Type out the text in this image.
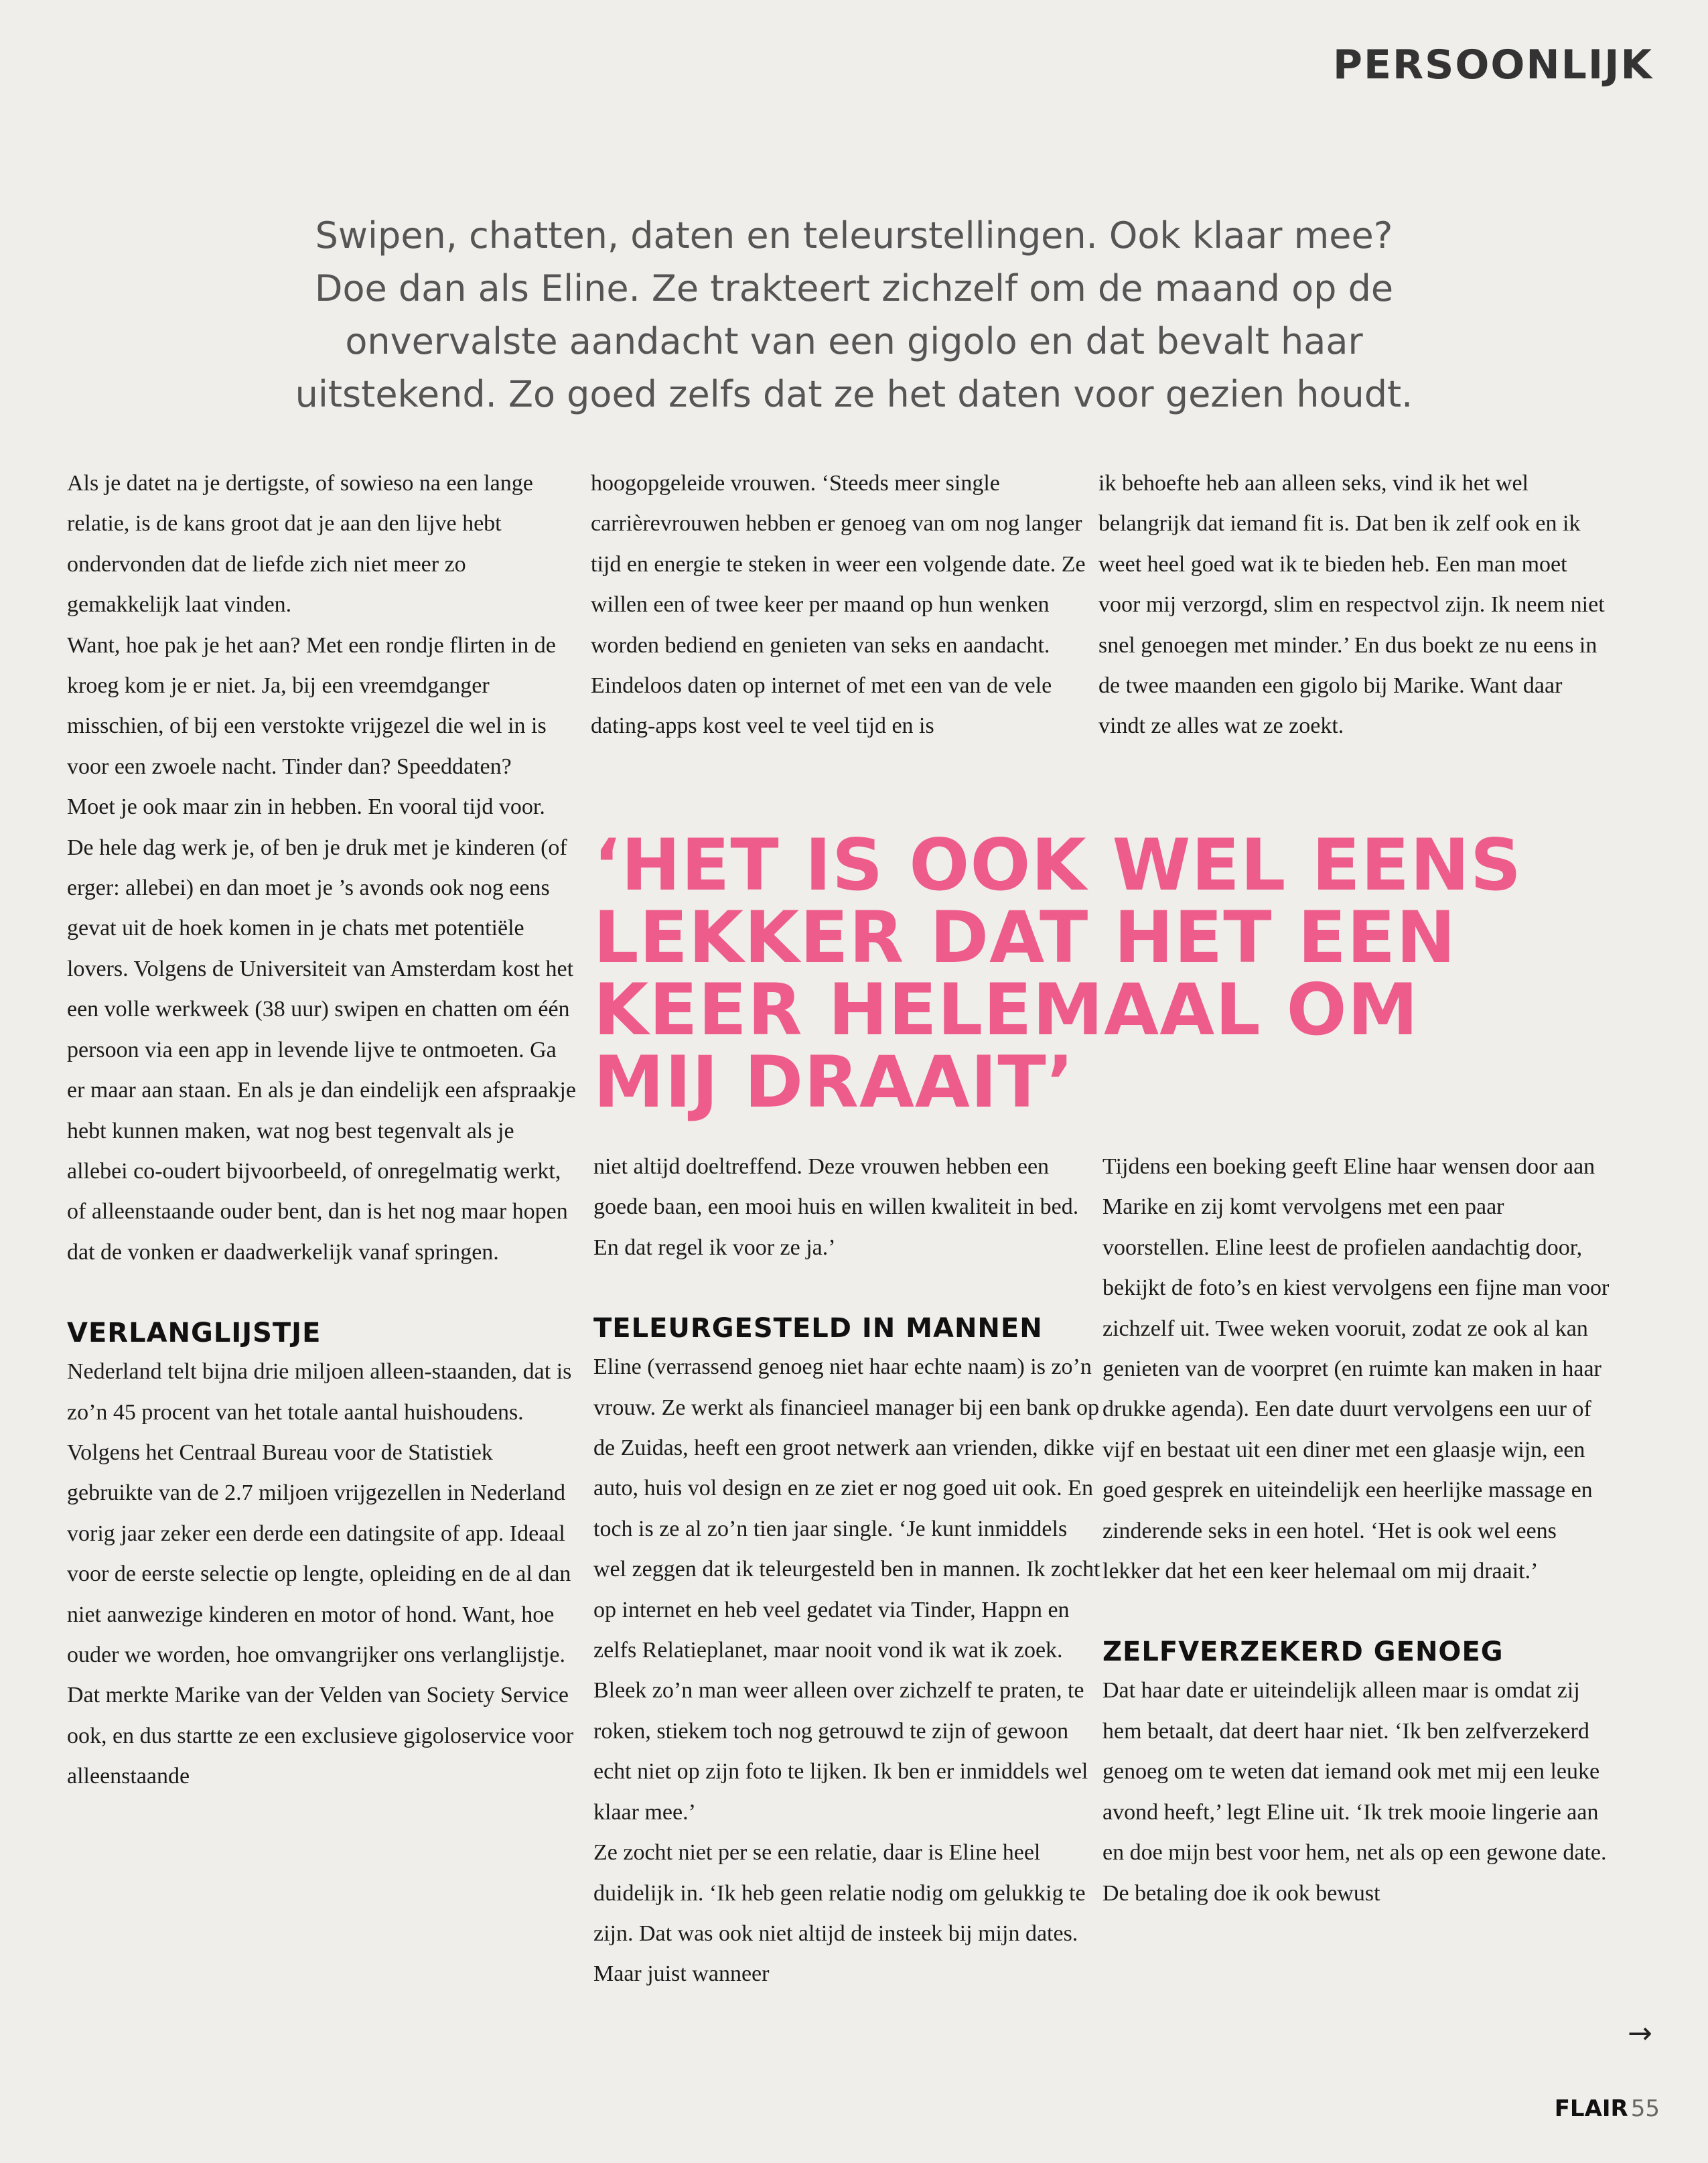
PERSOONLIJK
Swipen, chatten, daten en teleurstellingen. Ook klaar mee?
Doe dan als Eline. Ze trakteert zichzelf om de maand op de
onvervalste aandacht van een gigolo en dat bevalt haar
uitstekend. Zo goed zelfs dat ze het daten voor gezien houdt.

Als je datet na je dertigste, of sowieso na een lange relatie, is de kans groot dat je aan den lijve hebt ondervonden dat de liefde zich niet meer zo gemakkelijk laat vinden.

Want, hoe pak je het aan? Met een rondje flirten in de kroeg kom je er niet. Ja, bij een vreemdganger misschien, of bij een verstokte vrijgezel die wel in is voor een zwoele nacht. Tinder dan? Speeddaten?

Moet je ook maar zin in hebben. En vooral tijd voor. De hele dag werk je, of ben je druk met je kinderen (of erger: allebei) en dan moet je ’s avonds ook nog eens gevat uit de hoek komen in je chats met potentiële lovers. Volgens de Universiteit van Amsterdam kost het een volle werkweek (38 uur) swipen en chatten om één persoon via een app in levende lijve te ontmoeten. Ga er maar aan staan. En als je dan eindelijk een afspraakje hebt kunnen maken, wat nog best tegenvalt als je allebei co-oudert bijvoorbeeld, of onregelmatig werkt, of alleenstaande ouder bent, dan is het nog maar hopen dat de vonken er daadwerkelijk vanaf springen.

VERLANGLIJSTJE

Nederland telt bijna drie miljoen alleen-staanden, dat is zo’n 45 procent van het totale aantal huishoudens. Volgens het Centraal Bureau voor de Statistiek gebruikte van de 2.7 miljoen vrijgezellen in Nederland vorig jaar zeker een derde een datingsite of app. Ideaal voor de eerste selectie op lengte, opleiding en de al dan niet aanwezige kinderen en motor of hond. Want, hoe ouder we worden, hoe omvangrijker ons verlanglijstje.

Dat merkte Marike van der Velden van Society Service ook, en dus startte ze een exclusieve gigoloservice voor alleenstaande

hoogopgeleide vrouwen. ‘Steeds meer single carrièrevrouwen hebben er genoeg van om nog langer tijd en energie te steken in weer een volgende date. Ze willen een of twee keer per maand op hun wenken worden bediend en genieten van seks en aandacht. Eindeloos daten op internet of met een van de vele dating-apps kost veel te veel tijd en is

‘HET IS OOK WEL EENS
LEKKER DAT HET EEN
KEER HELEMAAL OM
MIJ DRAAIT’

niet altijd doeltreffend. Deze vrouwen hebben een goede baan, een mooi huis en willen kwaliteit in bed. En dat regel ik voor ze ja.’

TELEURGESTELD IN MANNEN

Eline (verrassend genoeg niet haar echte naam) is zo’n vrouw. Ze werkt als financieel manager bij een bank op de Zuidas, heeft een groot netwerk aan vrienden, dikke auto, huis vol design en ze ziet er nog goed uit ook. En toch is ze al zo’n tien jaar single. ‘Je kunt inmiddels wel zeggen dat ik teleurgesteld ben in mannen. Ik zocht op internet en heb veel gedatet via Tinder, Happn en zelfs Relatieplanet, maar nooit vond ik wat ik zoek. Bleek zo’n man weer alleen over zichzelf te praten, te roken, stiekem toch nog getrouwd te zijn of gewoon echt niet op zijn foto te lijken. Ik ben er inmiddels wel klaar mee.’

Ze zocht niet per se een relatie, daar is Eline heel duidelijk in. ‘Ik heb geen relatie nodig om gelukkig te zijn. Dat was ook niet altijd de insteek bij mijn dates. Maar juist wanneer

ik behoefte heb aan alleen seks, vind ik het wel belangrijk dat iemand fit is. Dat ben ik zelf ook en ik weet heel goed wat ik te bieden heb. Een man moet voor mij verzorgd, slim en respectvol zijn. Ik neem niet snel genoegen met minder.’ En dus boekt ze nu eens in de twee maanden een gigolo bij Marike. Want daar vindt ze alles wat ze zoekt.

Tijdens een boeking geeft Eline haar wensen door aan Marike en zij komt vervolgens met een paar voorstellen. Eline leest de profielen aandachtig door, bekijkt de foto’s en kiest vervolgens een fijne man voor zichzelf uit. Twee weken vooruit, zodat ze ook al kan genieten van de voorpret (en ruimte kan maken in haar drukke agenda). Een date duurt vervolgens een uur of vijf en bestaat uit een diner met een glaasje wijn, een goed gesprek en uiteindelijk een heerlijke massage en zinderende seks in een hotel. ‘Het is ook wel eens lekker dat het een keer helemaal om mij draait.’

ZELFVERZEKERD GENOEG

Dat haar date er uiteindelijk alleen maar is omdat zij hem betaalt, dat deert haar niet. ‘Ik ben zelfverzekerd genoeg om te weten dat iemand ook met mij een leuke avond heeft,’ legt Eline uit. ‘Ik trek mooie lingerie aan en doe mijn best voor hem, net als op een gewone date. De betaling doe ik ook bewust

→
FLAIR 55
